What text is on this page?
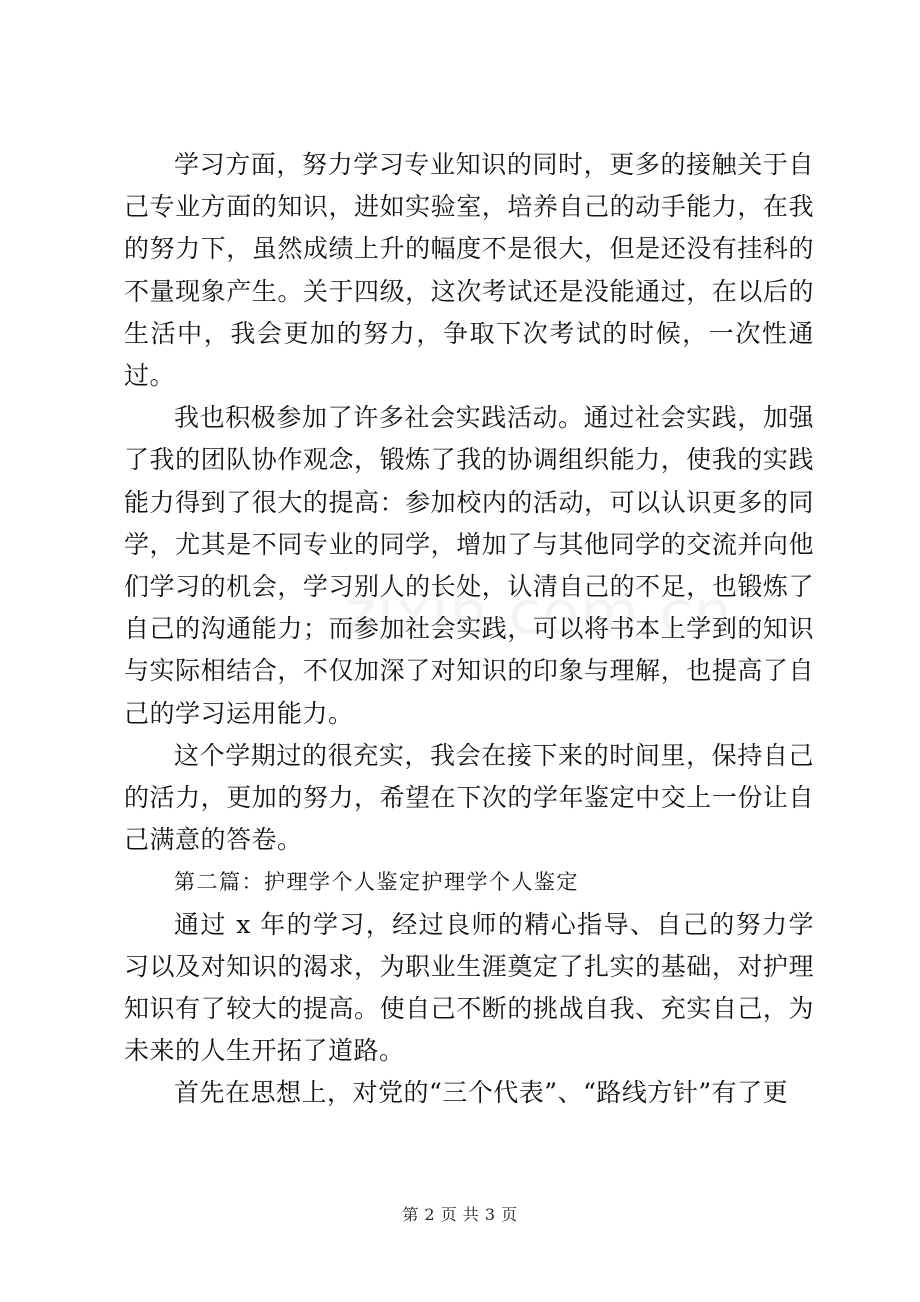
学习方面，努力学习专业知识的同时，更多的接触关于自己专业方面的知识，进如实验室，培养自己的动手能力，在我的努力下，虽然成绩上升的幅度不是很大，但是还没有挂科的不量现象产生。关于四级，这次考试还是没能通过，在以后的生活中，我会更加的努力，争取下次考试的时候，一次性通过。

我也积极参加了许多社会实践活动。通过社会实践，加强了我的团队协作观念，锻炼了我的协调组织能力，使我的实践能力得到了很大的提高：参加校内的活动，可以认识更多的同学，尤其是不同专业的同学，增加了与其他同学的交流并向他们学习的机会，学习别人的长处，认清自己的不足，也锻炼了自己的沟通能力；而参加社会实践，可以将书本上学到的知识与实际相结合，不仅加深了对知识的印象与理解，也提高了自己的学习运用能力。

这个学期过的很充实，我会在接下来的时间里，保持自己的活力，更加的努力，希望在下次的学年鉴定中交上一份让自己满意的答卷。

第二篇：护理学个人鉴定护理学个人鉴定

通过 x 年的学习，经过良师的精心指导、自己的努力学习以及对知识的渴求，为职业生涯奠定了扎实的基础，对护理知识有了较大的提高。使自己不断的挑战自我、充实自己，为未来的人生开拓了道路。

首先在思想上，对党的“三个代表”、“路线方针”有了更

第 2 页 共 3 页
